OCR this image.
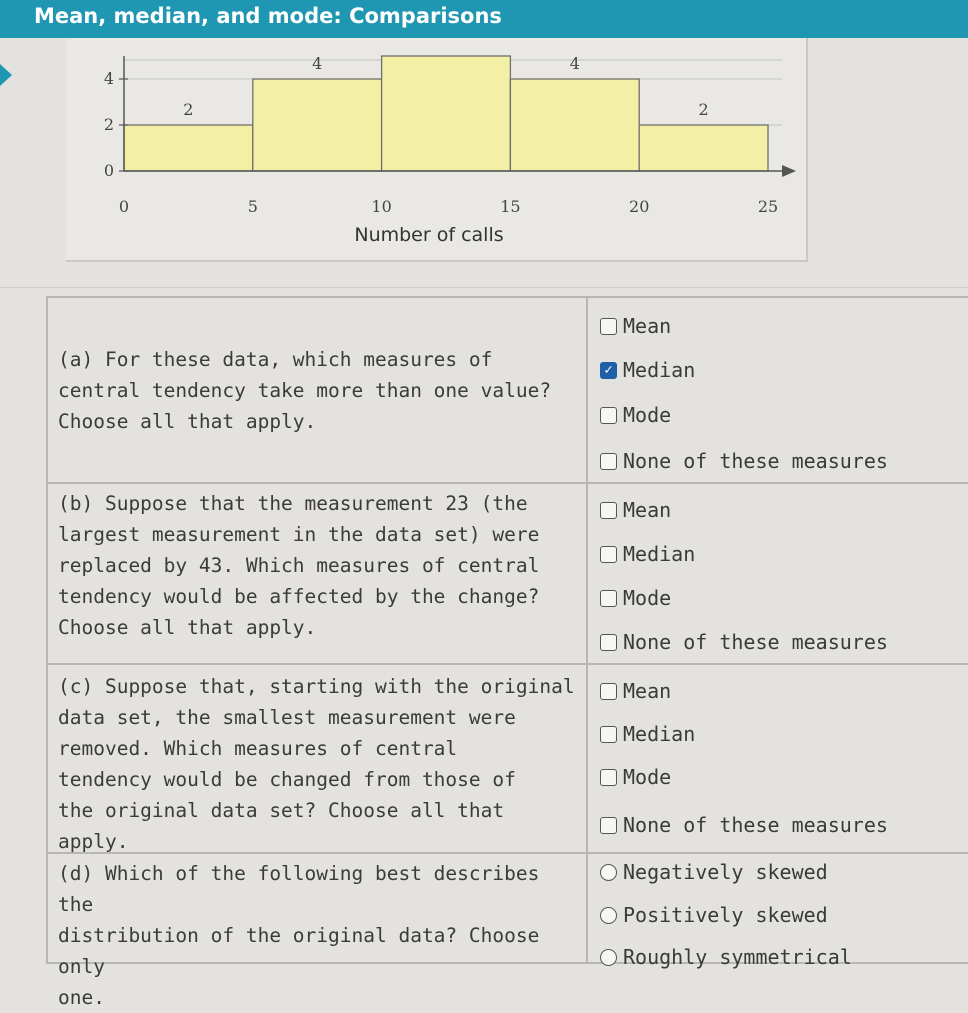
Mean, median, and mode: Comparisons
2
4	4
2
0
2
4
0	5	10	15	20	25
Number of calls
(a) For these data, which measures of
central tendency take more than one value?
Choose all that apply.
Mean
✓ Median
Mode
None of these measures
(b) Suppose that the measurement 23 (the
largest measurement in the data set) were
replaced by 43. Which measures of central
tendency would be affected by the change?
Choose all that apply.
Mean
Median
Mode
None of these measures
(c) Suppose that, starting with the original
data set, the smallest measurement were
removed. Which measures of central
tendency would be changed from those of
the original data set? Choose all that apply.
Mean
Median
Mode
None of these measures
(d) Which of the following best describes the
distribution of the original data? Choose only
one.
Negatively skewed
Positively skewed
Roughly symmetrical
